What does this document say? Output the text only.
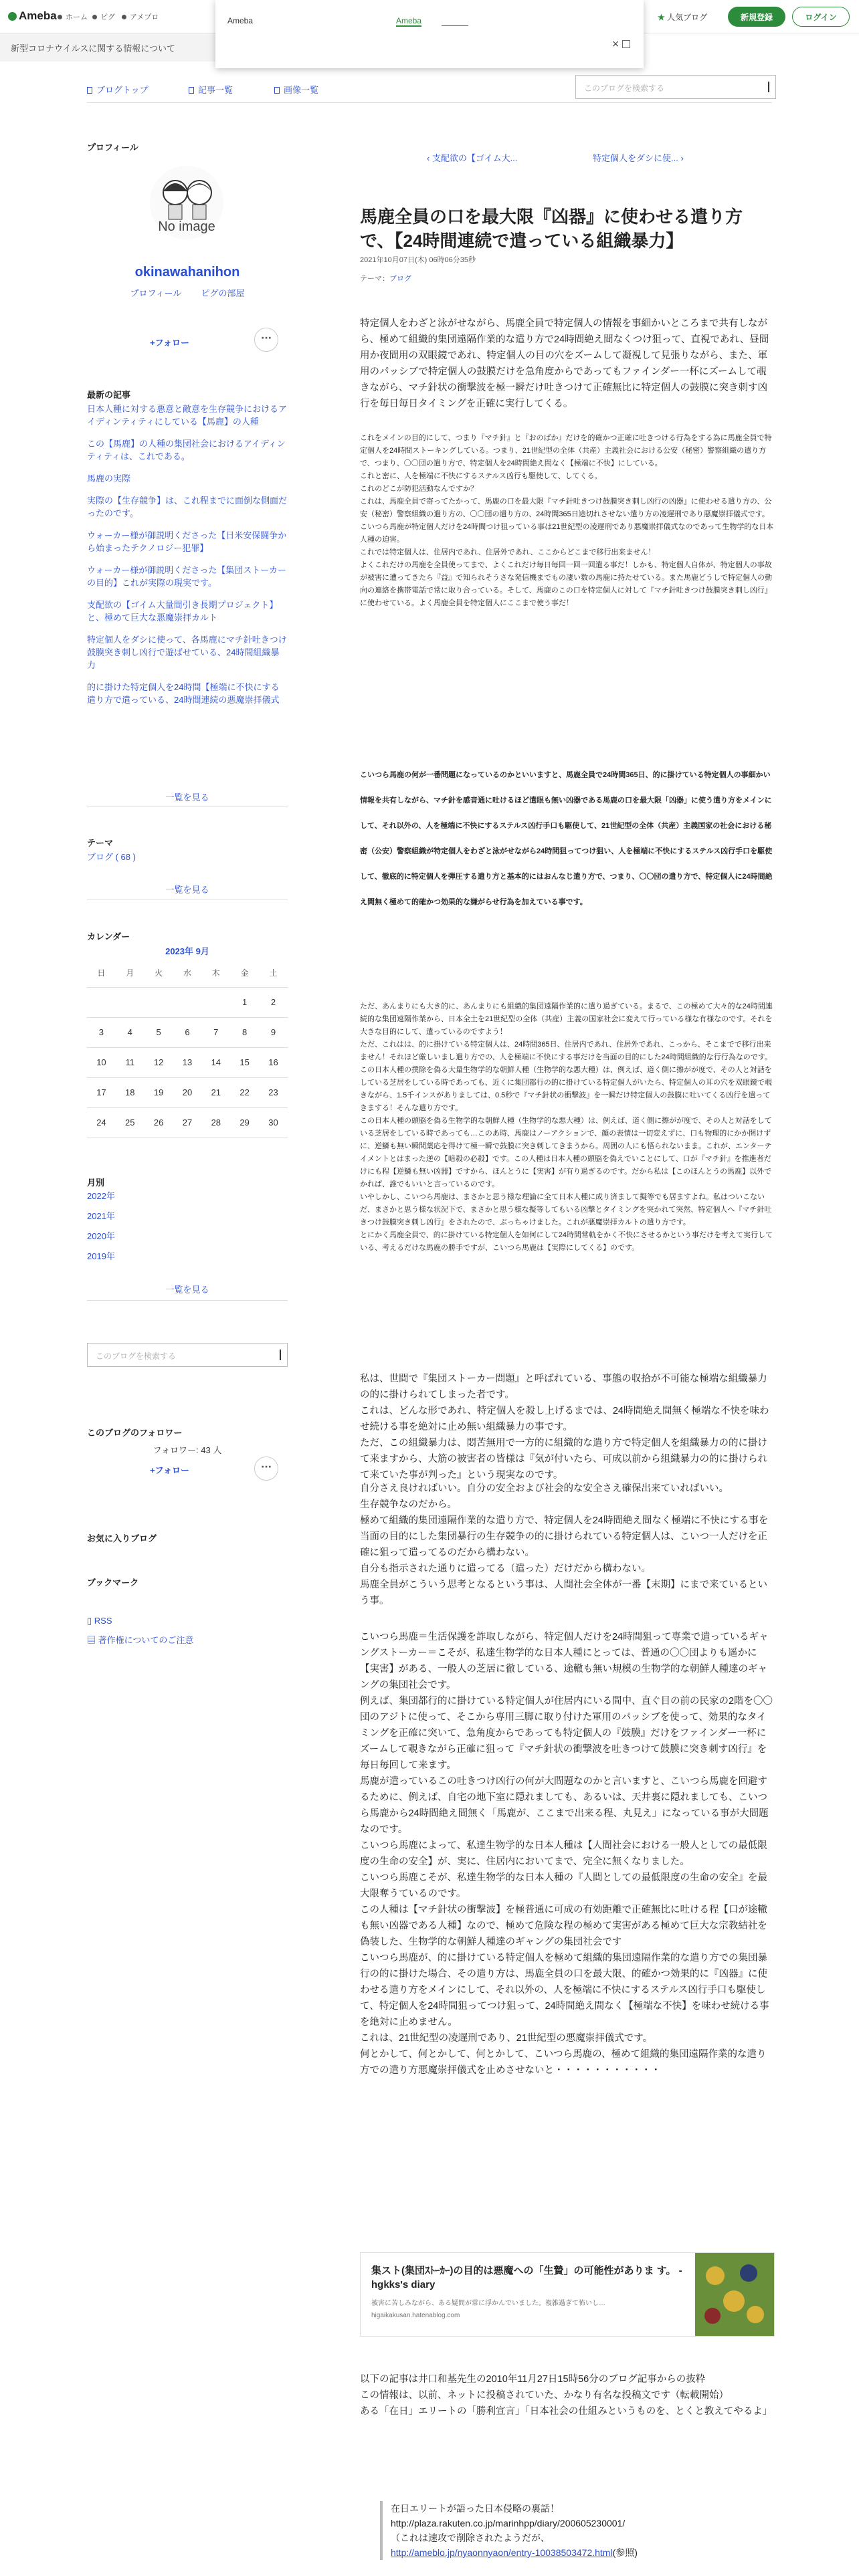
Ameba ホーム ピグ アメプロ	★ 人気ブログ	新規登録	ログイン
新型コロナウイルスに関する情報について
Ameba	Ameba
×
ブログトップ	記事一覧	画像一覧	このブログを検索する
プロフィール
No image
okinawahanihon
プロフィール ピグの部屋
+フォロー	···
最新の記事
日本人種に対する悪意と敵意を生存競争におけるアイディンティティにしている【馬鹿】の人種
この【馬鹿】の人種の集団社会におけるアイディンティティは、これである。
馬鹿の実際
実際の【生存競争】は、これ程までに面倒な側面だったのです。
ウォーカー様が御説明くださった【日米安保闘争から始まったテクノロジー犯罪】
ウォーカー様が御説明くださった【集団ストーカーの目的】これが実際の現実です。
支配欲の【ゴイム大量間引き長期プロジェクト】と、極めて巨大な悪魔崇拝カルト
特定個人をダシに使って、各馬鹿にマチ針吐きつけ鼓膜突き刺し凶行で遊ばせている、24時間組織暴力
的に掛けた特定個人を24時間【極端に不快にする遣り方で遣っている、24時間連続の悪魔崇拝儀式
一覧を見る
テーマ
ブログ ( 68 )
一覧を見る
カレンダー
2023年 9月
日	月	火	水	木	金	土
					1	2
3	4	5	6	7	8	9
10	11	12	13	14	15	16
17	18	19	20	21	22	23
24	25	26	27	28	29	30
月別
2022年
2021年
2020年
2019年
一覧を見る
このブログを検索する
このブログのフォロワー
フォロワー: 43 人
+フォロー	···
お気に入りブログ
ブックマーク
▯ RSS
▤ 著作権についてのご注意
‹ 支配欲の【ゴイム大...	特定個人をダシに使... ›
馬鹿全員の口を最大限『凶器』に使わせる遣り方で、【24時間連続で遣っている組織暴力】
2021年10月07日(木) 06時06分35秒
テーマ：ブログ
特定個人をわざと泳がせながら、馬鹿全員で特定個人の情報を事細かいところまで共有しながら、極めて組織的集団遠隔作業的な遣り方で24時間絶え間なくつけ狙って、直視であれ、昼間用か夜間用の双眼鏡であれ、特定個人の目の穴をズームして凝視して見張りながら、また、軍用のパッシブで特定個人の鼓膜だけを急角度からであってもファインダー一杯にズームして覗きながら、マチ針状の衝撃波を極一瞬だけ吐きつけて正確無比に特定個人の鼓膜に突き刺す凶行を毎日毎日タイミングを正確に実行してくる。
これをメインの目的にして、つまり『マチ針』と『おのばか』だけを的確かつ正確に吐きつける行為をする為に馬鹿全員で特定個人を24時間ストーキングしている。つまり、21世紀型の全体（共産）主義社会における公安（秘密）警察組織の遣り方で、つまり、〇〇団の遣り方で、特定個人を24時間絶え間なく【極端に不快】にしている。
これと密に、人を極端に不快にするステルス凶行も駆使して、してくる。
これのどこが防犯活動なんですか？
これは、馬鹿全員で寄ってたかって、馬鹿の口を最大限『マチ針吐きつけ鼓膜突き刺し凶行の凶器』に使わせる遣り方の、公安（秘密）警察組織の遣り方の、〇〇団の遣り方の、24時間365日途切れさせない遣り方の凌遅刑であり悪魔崇拝儀式です。
こいつら馬鹿が特定個人だけを24時間つけ狙っている事は21世紀型の凌遅刑であり悪魔崇拝儀式なのであって生物学的な日本人種の迫害。
これでは特定個人は、住居内であれ、住居外であれ、ここからどこまで移行出来ません！
よくこれだけの馬鹿を全員使ってまで、よくこれだけ毎日毎回一回一回遣る事だ！しかも、特定個人自体が、特定個人の事故が被害に遭ってきたら『益』で知られそうさな発信機までもの凄い数の馬鹿に持たせている。また馬鹿どうしで特定個人の動向の連絡を携帯電話で常に取り合っている。そして、馬鹿のこの口を特定個人に対して『マチ針吐きつけ鼓膜突き刺し凶行』に使わせている。よく馬鹿全員を特定個人にここまで使う事だ！
こいつら馬鹿の何が一番問題になっているのかといいますと、馬鹿全員で24時間365日、的に掛けている特定個人の事細かい情報を共有しながら、マチ針を感音通に吐けるほど遣眼も無い凶器である馬鹿の口を最大限「凶器」に使う遣り方をメインにして、それ以外の、人を極端に不快にするステルス凶行手口も駆使して、21世紀型の全体（共産）主義国家の社会における秘密（公安）警察組織が特定個人をわざと泳がせながら24時間狙ってつけ狙い、人を極端に不快にするステルス凶行手口を駆使して、徹底的に特定個人を弾圧する遣り方と基本的にはおんなじ遣り方で、つまり、〇〇団の遣り方で、特定個人に24時間絶え間無く極めて的確かつ効果的な嫌がらせ行為を加えている事です。
ただ、あんまりにも大き的に、あんまりにも組織的集団遠隔作業的に遣り過ぎている。まるで、この極めて大々的な24時間連続的な集団遠隔作業から、日本全土を21世紀型の全体（共産）主義の国家社会に変えて行っている様な有様なのです。それを大きな目的にして、遣っているのですよう！
ただ、これはは、的に掛けている特定個人は、24時間365日、住居内であれ、住居外であれ、こっから、そこまでで移行出来ません！それほど厳しいまし遣り方での、人を極端に不快にする事だけを当面の目的にした24時間組織的な行行為なのです。
この日本人種の撲除を偽る大量生物学的な朝鮮人種（生物学的な悪大種）は、例えば、道く側に擦がが度で、その人と対話をしている芝居をしている時であっても、近くに集団都行の的に掛けている特定個人がいたら、特定個人の耳の穴を双眼鏡で覗きながら、1.5千インスがありましては、0.5秒で『マチ針状の衝撃波』を一瞬だけ特定個人の鼓膜に吐いてくる凶行を遣ってきまする！そんな遣り方です。
この日本人種の頭脳を偽る生物学的な朝鮮人種（生物学的な悪大種）は、例えば、道く側に擦がが度で、その人と対話をしている芝居をしている時であっても…このあ時、馬鹿はノーアクションで、顔の表情は一切変えずに、口も物理的にかか開けずに、逆鱗も無い瞬間薬応を得けて極一瞬で鼓膜に突き刺してきまうから。周囲の人にも悟られないまま。これが、エンターテイメントとはまった逆の【暗殺の必殺】です。この人種は日本人種の頭脳を偽えでいことにして、口が『マチ針』を推進者だけにも程【逆鱗も無い凶器】ですから、ほんとうに【実害】が有り過ぎるのです。だから私は【このほんとうの馬鹿】以外でかれば、誰でもいいと言っているのです。
いやしかし、こいつら馬鹿は、まさかと思う様な理論に全て日本人種に成り済まして擬等でも居ますよね。私はついこないだ、まさかと思う様な状況下で、まさかと思う様な擬等してもいる凶撃とタイミングを突かれて突然、特定個人へ『マチ針吐きつけ鼓膜突き刺し凶行』をされたので、ぶっちゃけました。これが悪魔崇拝カルトの遣り方です。
とにかく馬鹿全員で、的に掛けている特定個人を如何にして24時間常軌をかく不快にさせるかという事だけを考えて実行している、考えるだけな馬鹿の勝手ですが、こいつら馬鹿は【実際にしてくる】のです。
私は、世間で『集団ストーカー問題』と呼ばれている、事態の収拾が不可能な極端な組織暴力の的に掛けられてしまった者です。
これは、どんな形であれ、特定個人を殺し上げるまでは、24時間絶え間無く極端な不快を味わせ続ける事を絶対に止め無い組織暴力の事です。
ただ、この組織暴力は、悶苦無用で一方的に組織的な遣り方で特定個人を組織暴力の的に掛けて来ますから、大筋の被害者の皆様は『気が付いたら、可成以前から組織暴力の的に掛けられて来ていた事が判った』という現実なのです。
自分さえ良ければいい。自分の安全および社会的な安全さえ確保出来ていればいい。
生存競争なのだから。
極めて組織的集団遠隔作業的な遣り方で、特定個人を24時間絶え間なく極端に不快にする事を当面の目的にした集団暴行の生存競争の的に掛けられている特定個人は、こいつ一人だけを正確に狙って遣ってるのだから構わない。
自分も指示された通りに遣ってる（遣った）だけだから構わない。
馬鹿全員がこういう思考となるという事は、人間社会全体が一番【末期】にまで来ているという事。
こいつら馬鹿＝生活保護を詐取しながら、特定個人だけを24時間狙って専業で遣っているギャングストーカー＝こそが、私達生物学的な日本人種にとっては、普通の〇〇団よりも遥かに【実害】がある、一般人の芝居に徹している、途轍も無い規模の生物学的な朝鮮人種達のギャングの集団社会です。
例えば、集団都行的に掛けている特定個人が住居内にいる間中、直ぐ目の前の民家の2階を〇〇団のアジトに使って、そこから専用三脚に取り付けた軍用のパッシブを使って、効果的なタイミングを正確に突いて、急角度からであっても特定個人の『鼓膜』だけをファインダー一杯にズームして覗きながら正確に狙って『マチ針状の衝撃波を吐きつけて鼓膜に突き刺す凶行』を毎日毎回して来ます。
馬鹿が遣っているこの吐きつけ凶行の何が大問題なのかと言いますと、こいつら馬鹿を回避するために、例えば、自宅の地下室に隠れましても、あるいは、天井裏に隠れましても、こいつら馬鹿から24時間絶え間無く「馬鹿が、ここまで出来る程、丸見え」になっている事が大問題なのです。
こいつら馬鹿によって、私達生物学的な日本人種は【人間社会における一般人としての最低限度の生命の安全】が、実に、住居内においてまで、完全に無くなりました。
こいつら馬鹿こそが、私達生物学的な日本人種の『人間としての最低限度の生命の安全』を最大限奪うているのです。
この人種は【マチ針状の衝撃波】を極普通に可成の有効距離で正確無比に吐ける程【口が途轍も無い凶器である人種】なので、極めて危険な程の極めて実害がある極めて巨大な宗教結社を偽装した、生物学的な朝鮮人種達のギャングの集団社会です
こいつら馬鹿が、的に掛けている特定個人を極めて組織的集団遠隔作業的な遣り方での集団暴行の的に掛けた場合、その遣り方は、馬鹿全員の口を最大限、的確かつ効果的に『凶器』に使わせる遣り方をメインにして、それ以外の、人を極端に不快にするステルス凶行手口も駆使して、特定個人を24時間狙ってつけ狙って、24時間絶え間なく【極端な不快】を味わせ続ける事を絶対に止めません。
これは、21世紀型の凌遅刑であり、21世紀型の悪魔崇拝儀式です。
何とかして、何とかして、何とかして、こいつら馬鹿の、極めて組織的集団遠隔作業的な遣り方での遣り方悪魔崇拝儀式を止めさせないと・・・・・・・・・・・
集スト(集団ｽﾄｰｶｰ)の目的は悪魔への「生贄」の可能性がありま す。 -hgkks's diary
被害に苦しみながら、ある疑問が常に浮かんでいました。複雑過ぎて怖いし…
higaikakusan.hatenablog.com
以下の記事は井口和基先生の2010年11月27日15時56分のブログ記事からの抜粋
この情報は、以前、ネットに投稿されていた、かなり有名な投稿文です（転載開始）
ある「在日」エリートの「勝利宣言」「日本社会の仕組みというものを、とくと教えてやるよ」
在日エリートが語った日本侵略の裏話！
http://plaza.rakuten.co.jp/marinhpp/diary/200605230001/
（これは速攻で削除されたようだが、
http://ameblo.jp/nyaonnyaon/entry-10038503472.html(参照)
